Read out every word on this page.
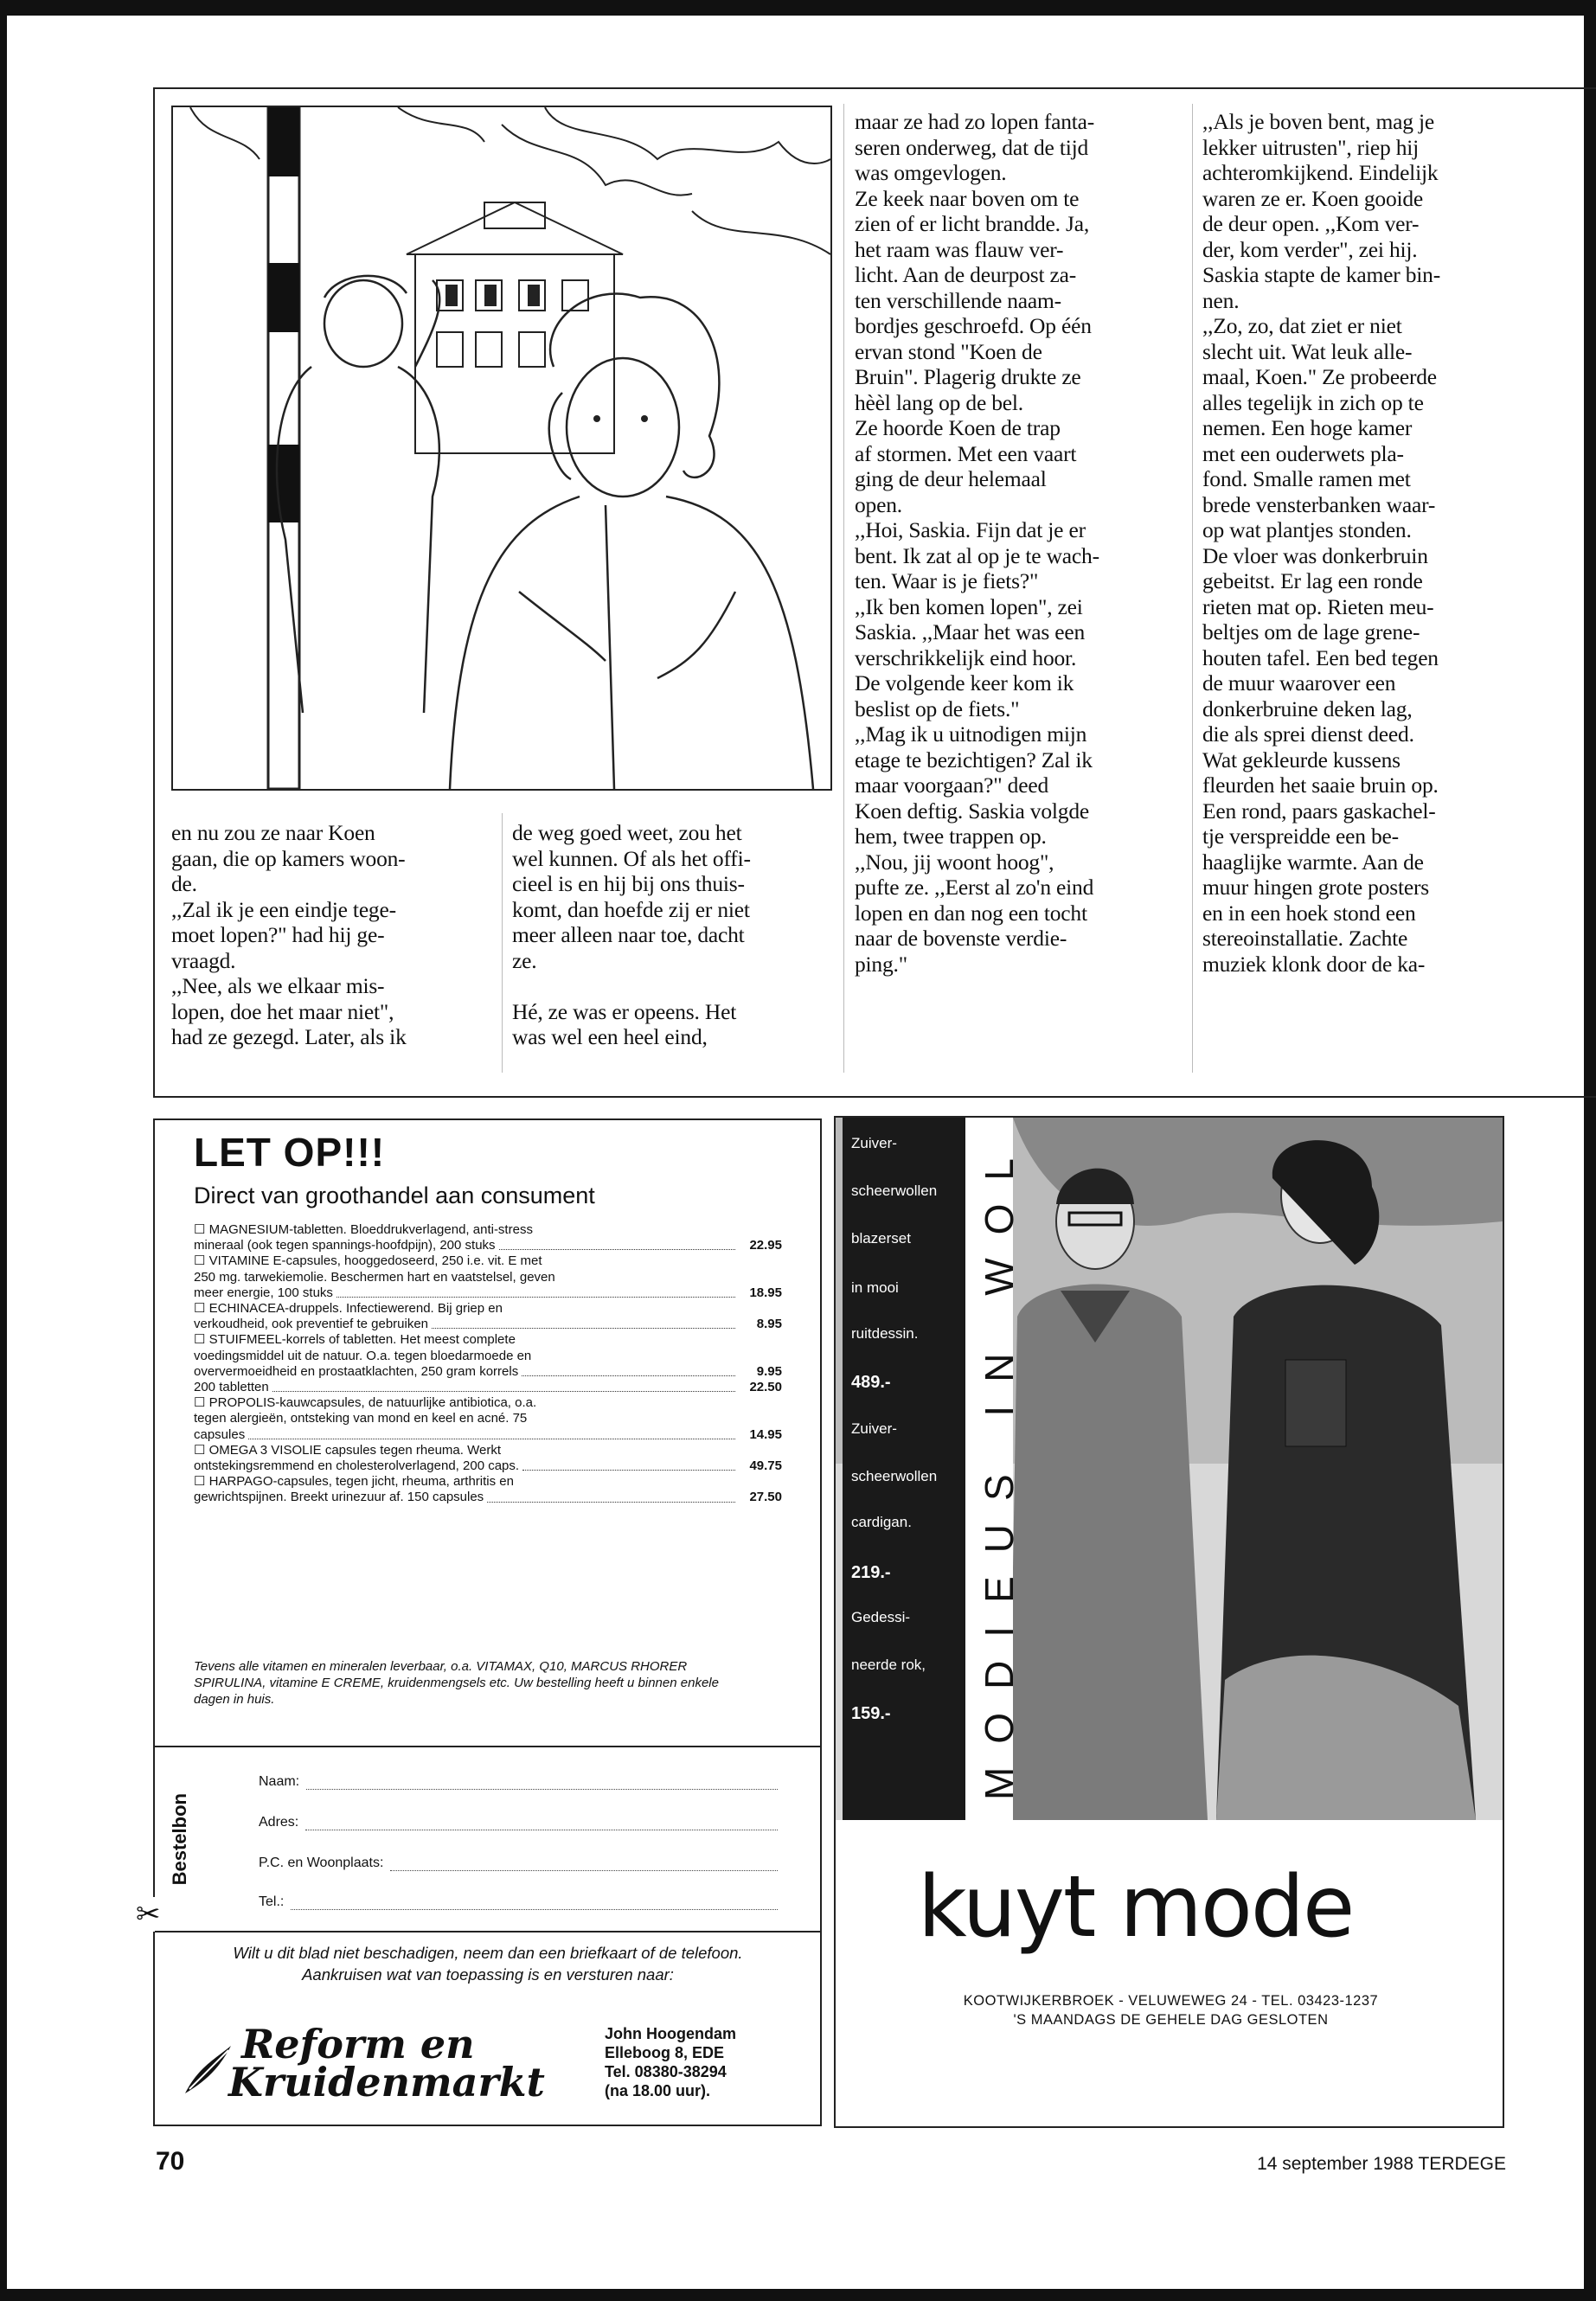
en nu zou ze naar Koen
gaan, die op kamers woon-
de.
,,Zal ik je een eindje tege-
moet lopen?" had hij ge-
vraagd.
,,Nee, als we elkaar mis-
lopen, doe het maar niet",
had ze gezegd. Later, als ik
de weg goed weet, zou het
wel kunnen. Of als het offi-
cieel is en hij bij ons thuis-
komt, dan hoefde zij er niet
meer alleen naar toe, dacht
ze.

Hé, ze was er opeens. Het
was wel een heel eind,
maar ze had zo lopen fanta-
seren onderweg, dat de tijd
was omgevlogen.
Ze keek naar boven om te
zien of er licht brandde. Ja,
het raam was flauw ver-
licht. Aan de deurpost za-
ten verschillende naam-
bordjes geschroefd. Op één
ervan stond "Koen de
Bruin". Plagerig drukte ze
hèèl lang op de bel.
Ze hoorde Koen de trap
af stormen. Met een vaart
ging de deur helemaal
open.
,,Hoi, Saskia. Fijn dat je er
bent. Ik zat al op je te wach-
ten. Waar is je fiets?"
,,Ik ben komen lopen", zei
Saskia. ,,Maar het was een
verschrikkelijk eind hoor.
De volgende keer kom ik
beslist op de fiets."
,,Mag ik u uitnodigen mijn
etage te bezichtigen? Zal ik
maar voorgaan?" deed
Koen deftig. Saskia volgde
hem, twee trappen op.
,,Nou, jij woont hoog",
pufte ze. ,,Eerst al zo'n eind
lopen en dan nog een tocht
naar de bovenste verdie-
ping."
,,Als je boven bent, mag je
lekker uitrusten", riep hij
achteromkijkend. Eindelijk
waren ze er. Koen gooide
de deur open. ,,Kom ver-
der, kom verder", zei hij.
Saskia stapte de kamer bin-
nen.
,,Zo, zo, dat ziet er niet
slecht uit. Wat leuk alle-
maal, Koen." Ze probeerde
alles tegelijk in zich op te
nemen. Een hoge kamer
met een ouderwets pla-
fond. Smalle ramen met
brede vensterbanken waar-
op wat plantjes stonden.
De vloer was donkerbruin
gebeitst. Er lag een ronde
rieten mat op. Rieten meu-
beltjes om de lage grene-
houten tafel. Een bed tegen
de muur waarover een
donkerbruine deken lag,
die als sprei dienst deed.
Wat gekleurde kussens
fleurden het saaie bruin op.
Een rond, paars gaskachel-
tje verspreidde een be-
haaglijke warmte. Aan de
muur hingen grote posters
en in een hoek stond een
stereoinstallatie. Zachte
muziek klonk door de ka-
LET OP!!!
Direct van groothandel aan consument
☐ MAGNESIUM-tabletten. Bloeddrukverlagend, anti-stress
mineraal (ook tegen spannings-hoofdpijn), 200 stuks	22.95
☐ VITAMINE E-capsules, hooggedoseerd, 250 i.e. vit. E met
250 mg. tarwekiemolie. Beschermen hart en vaatstelsel, geven
meer energie, 100 stuks	18.95
☐ ECHINACEA-druppels. Infectiewerend. Bij griep en
verkoudheid, ook preventief te gebruiken	8.95
☐ STUIFMEEL-korrels of tabletten. Het meest complete
voedingsmiddel uit de natuur. O.a. tegen bloedarmoede en
oververmoeidheid en prostaatklachten, 250 gram korrels	9.95
200 tabletten	22.50
☐ PROPOLIS-kauwcapsules, de natuurlijke antibiotica, o.a.
tegen alergieën, ontsteking van mond en keel en acné. 75
capsules	14.95
☐ OMEGA 3 VISOLIE capsules tegen rheuma. Werkt
ontstekingsremmend en cholesterolverlagend, 200 caps.	49.75
☐ HARPAGO-capsules, tegen jicht, rheuma, arthritis en
gewrichtspijnen. Breekt urinezuur af. 150 capsules	27.50
Tevens alle vitamen en mineralen leverbaar, o.a. VITAMAX, Q10, MARCUS RHORER SPIRULINA, vitamine E CREME, kruidenmengsels etc. Uw bestelling heeft u binnen enkele dagen in huis.
Bestelbon
✂
Naam:
Adres:
P.C. en Woonplaats:
Tel.:
Wilt u dit blad niet beschadigen, neem dan een briefkaart of de telefoon.
Aankruisen wat van toepassing is en versturen naar:
Reform en
Kruidenmarkt
John Hoogendam
Elleboog 8, EDE
Tel. 08380-38294
(na 18.00 uur).
Zuiver-
scheerwollen
blazerset
in mooi
ruitdessin.
489.-
Zuiver-
scheerwollen
cardigan.
219.-
Gedessi-
neerde rok,
159.- MODIEUS IN WOL
kuyt mode
KOOTWIJKERBROEK - VELUWEWEG 24 - TEL. 03423-1237
'S MAANDAGS DE GEHELE DAG GESLOTEN
70	14 september 1988 TERDEGE
